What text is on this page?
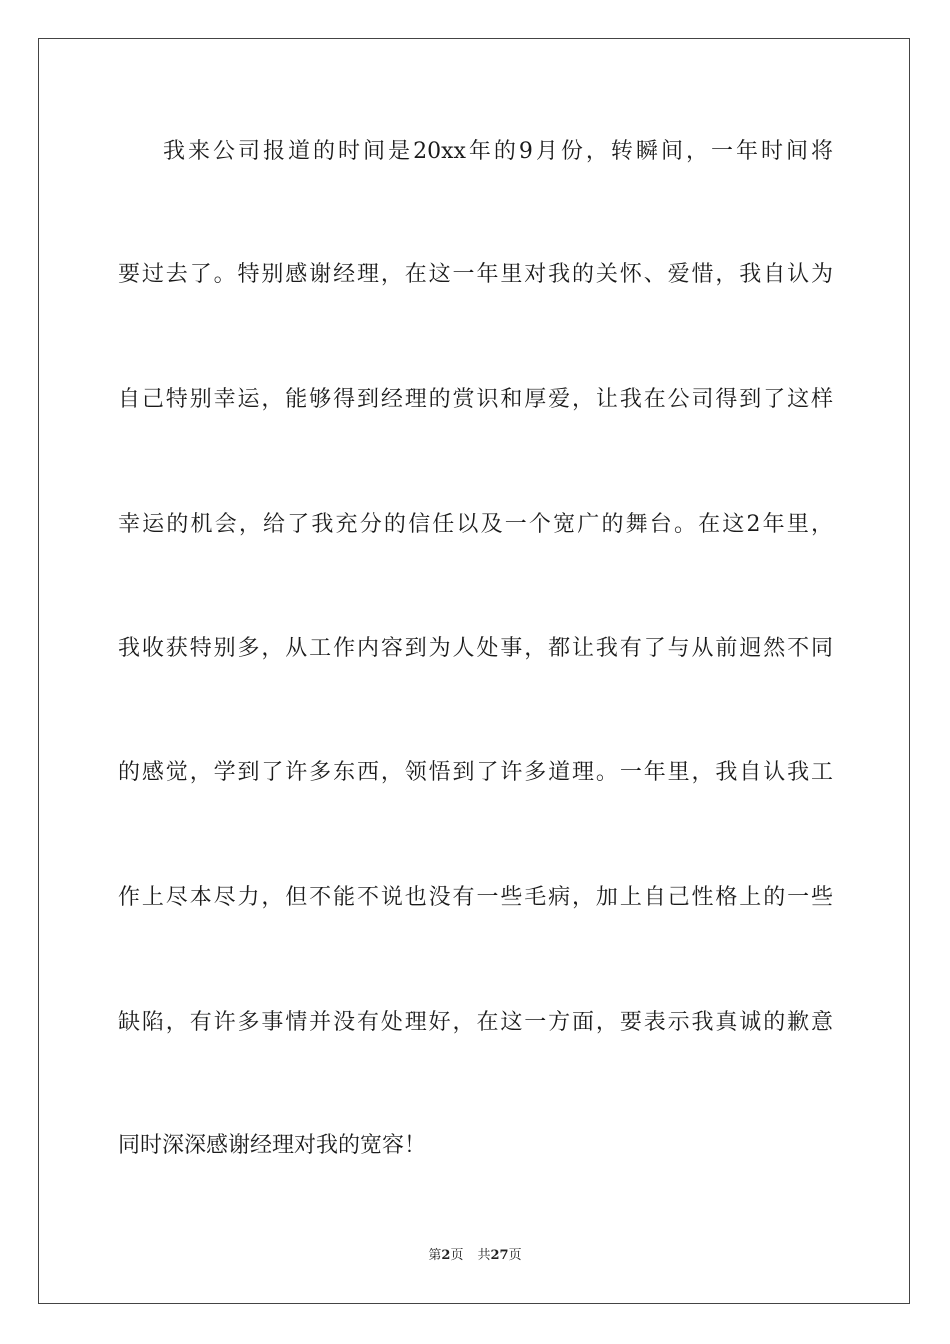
我来公司报道的时间是20xx年的9月份，转瞬间，一年时间将
要过去了。特别感谢经理，在这一年里对我的关怀、爱惜，我自认为
自己特别幸运，能够得到经理的赏识和厚爱，让我在公司得到了这样
幸运的机会，给了我充分的信任以及一个宽广的舞台。在这2年里，
我收获特别多，从工作内容到为人处事，都让我有了与从前迥然不同
的感觉，学到了许多东西，领悟到了许多道理。一年里，我自认我工
作上尽本尽力，但不能不说也没有一些毛病，加上自己性格上的一些
缺陷，有许多事情并没有处理好，在这一方面，要表示我真诚的歉意
同时深深感谢经理对我的宽容！
第2页 共27页
